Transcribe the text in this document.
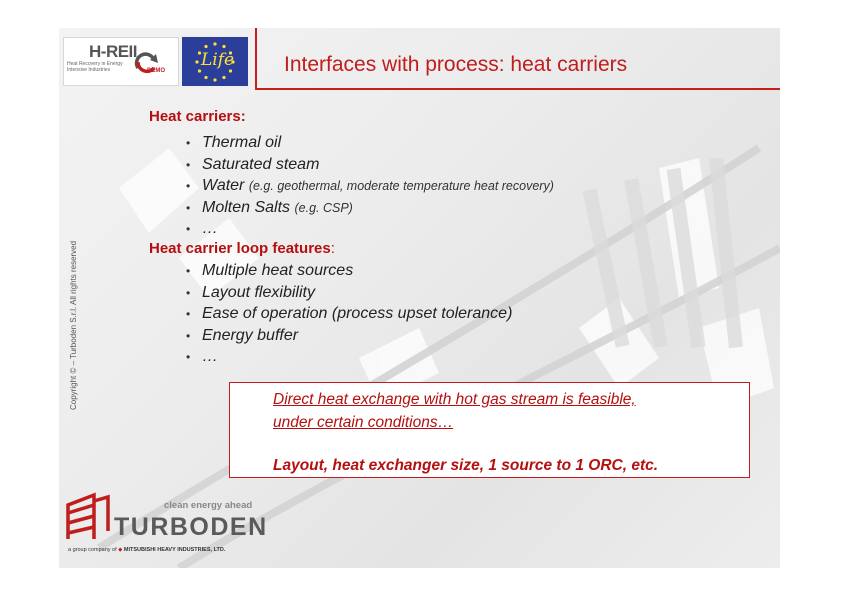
H-REII
Heat Recovery in Energy Intensive Industries	DEMO
Life Interfaces with process: heat carriers
Heat carriers:
• Thermal oil
• Saturated steam
• Water (e.g. geothermal, moderate temperature heat recovery)
• Molten Salts (e.g. CSP)
• …
Heat carrier loop features:
• Multiple heat sources
• Layout flexibility
• Ease of operation (process upset tolerance)
• Energy buffer
• …
Direct heat exchange with hot gas stream is feasible,
under certain conditions…
Layout, heat exchanger size, 1 source to 1 ORC, etc.
Copyright © – Turboden S.r.l. All rights reserved
clean energy ahead
TURBODEN
a group company of ◆ MITSUBISHI HEAVY INDUSTRIES, LTD.
